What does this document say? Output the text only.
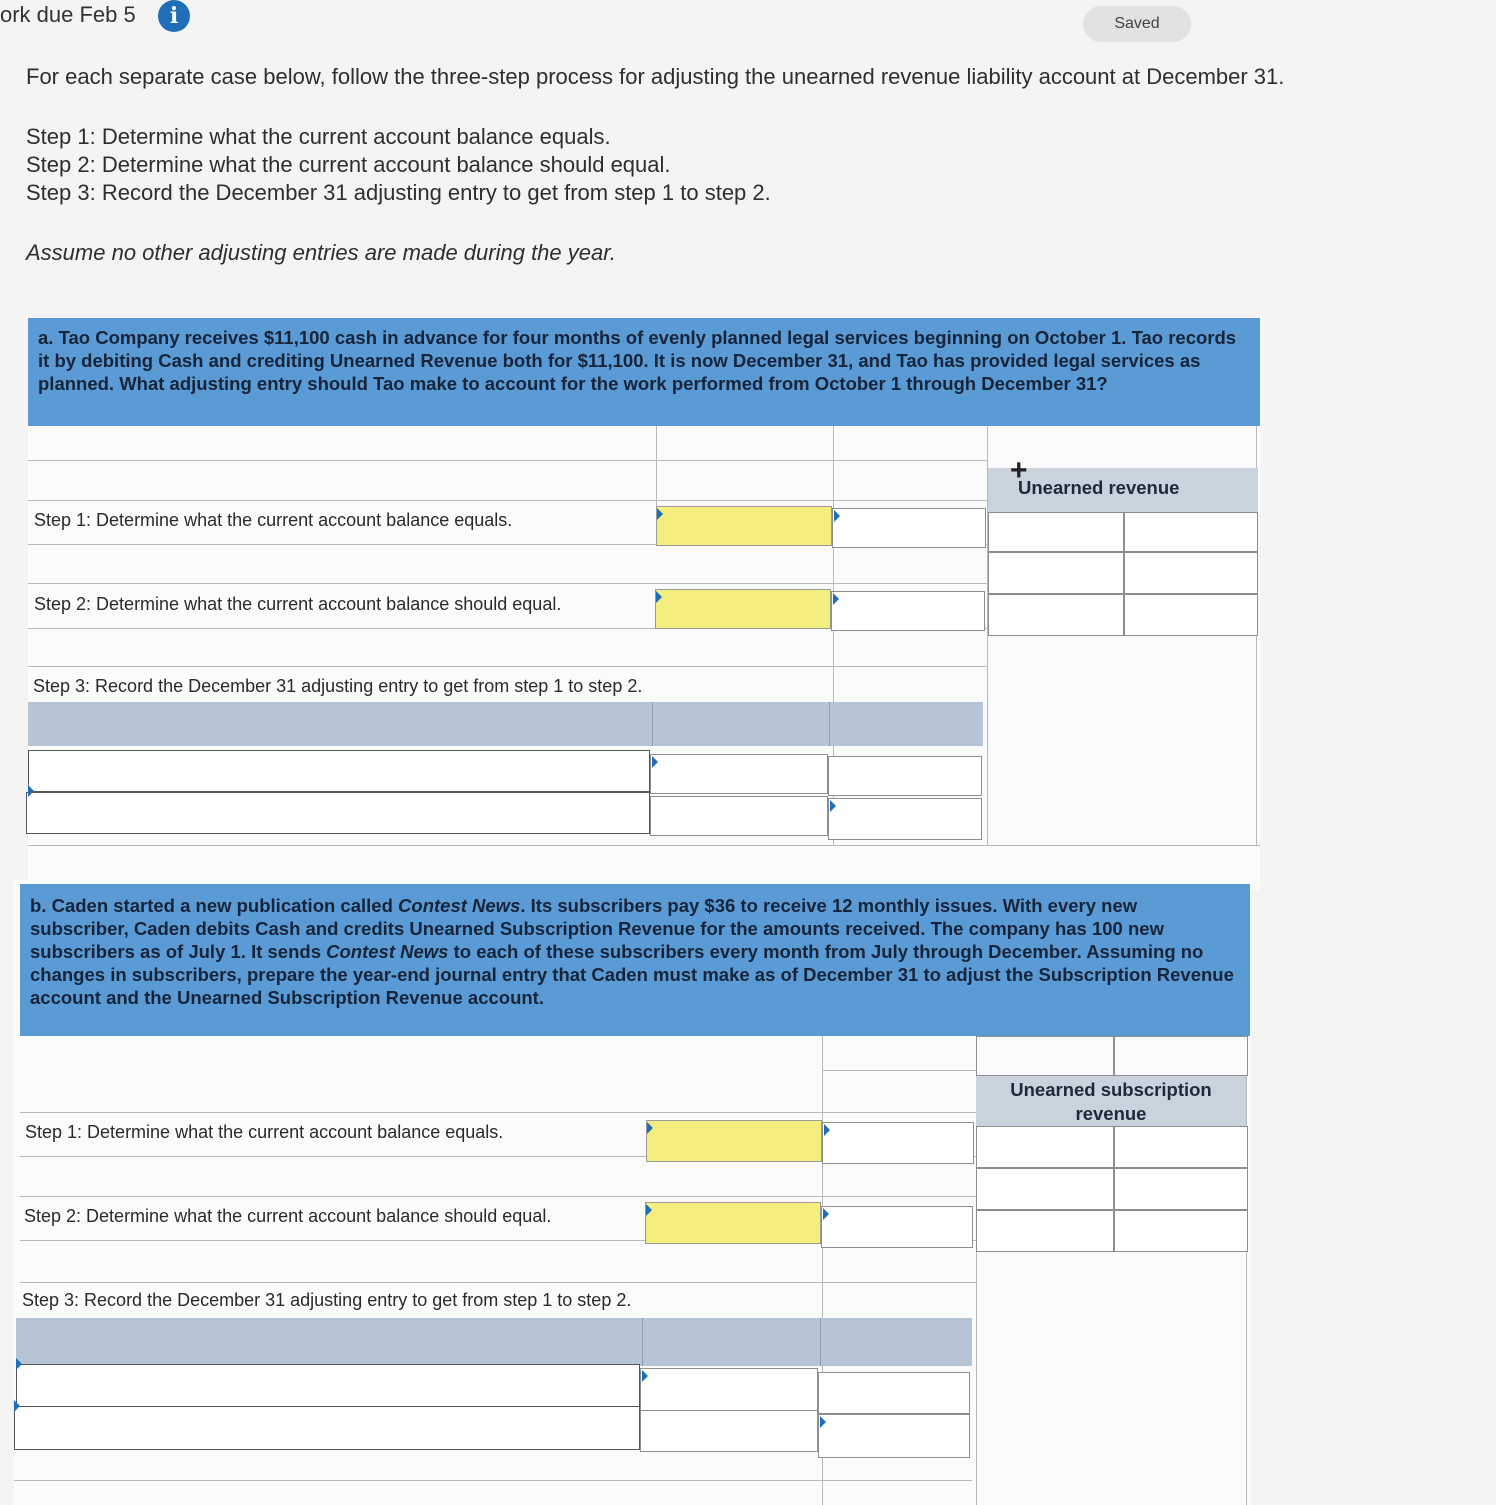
ork due Feb 5	i	Saved
For each separate case below, follow the three-step process for adjusting the unearned revenue liability account at December 31.
Step 1: Determine what the current account balance equals.
Step 2: Determine what the current account balance should equal.
Step 3: Record the December 31 adjusting entry to get from step 1 to step 2.
Assume no other adjusting entries are made during the year.
a. Tao Company receives $11,100 cash in advance for four months of evenly planned legal services beginning on October 1. Tao records it by debiting Cash and crediting Unearned Revenue both for $11,100. It is now December 31, and Tao has provided legal services as planned. What adjusting entry should Tao make to account for the work performed from October 1 through December 31?
Unearned revenue
+
Step 1: Determine what the current account balance equals.
Step 2: Determine what the current account balance should equal.
Step 3: Record the December 31 adjusting entry to get from step 1 to step 2.
b. Caden started a new publication called Contest News. Its subscribers pay $36 to receive 12 monthly issues. With every new subscriber, Caden debits Cash and credits Unearned Subscription Revenue for the amounts received. The company has 100 new subscribers as of July 1. It sends Contest News to each of these subscribers every month from July through December. Assuming no changes in subscribers, prepare the year-end journal entry that Caden must make as of December 31 to adjust the Subscription Revenue account and the Unearned Subscription Revenue account.
Unearned subscription revenue
Step 1: Determine what the current account balance equals.
Step 2: Determine what the current account balance should equal.
Step 3: Record the December 31 adjusting entry to get from step 1 to step 2.
